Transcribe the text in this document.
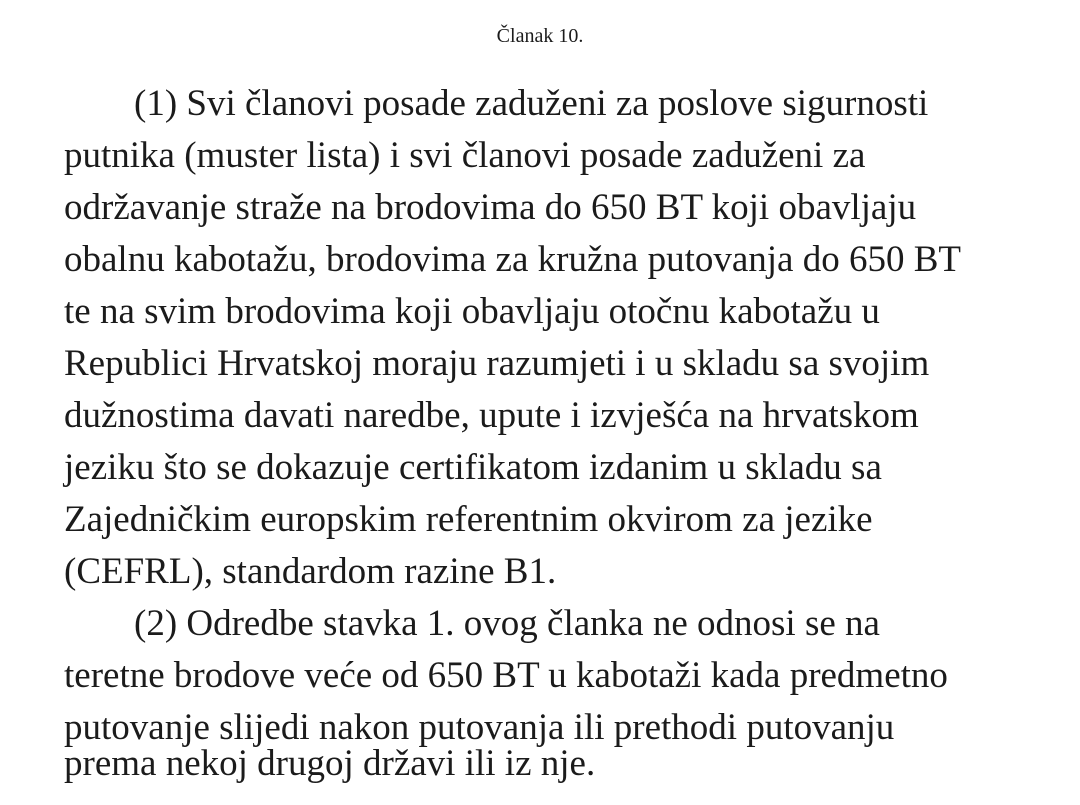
Članak 10.
(1) Svi članovi posade zaduženi za poslove sigurnosti
putnika (muster lista) i svi članovi posade zaduženi za
održavanje straže na brodovima do 650 BT koji obavljaju
obalnu kabotažu, brodovima za kružna putovanja do 650 BT
te na svim brodovima koji obavljaju otočnu kabotažu u
Republici Hrvatskoj moraju razumjeti i u skladu sa svojim
dužnostima davati naredbe, upute i izvješća na hrvatskom
jeziku što se dokazuje certifikatom izdanim u skladu sa
Zajedničkim europskim referentnim okvirom za jezike
(CEFRL), standardom razine B1.
(2) Odredbe stavka 1. ovog članka ne odnosi se na
teretne brodove veće od 650 BT u kabotaži kada predmetno
putovanje slijedi nakon putovanja ili prethodi putovanju
prema nekoj drugoj državi ili iz nje.
